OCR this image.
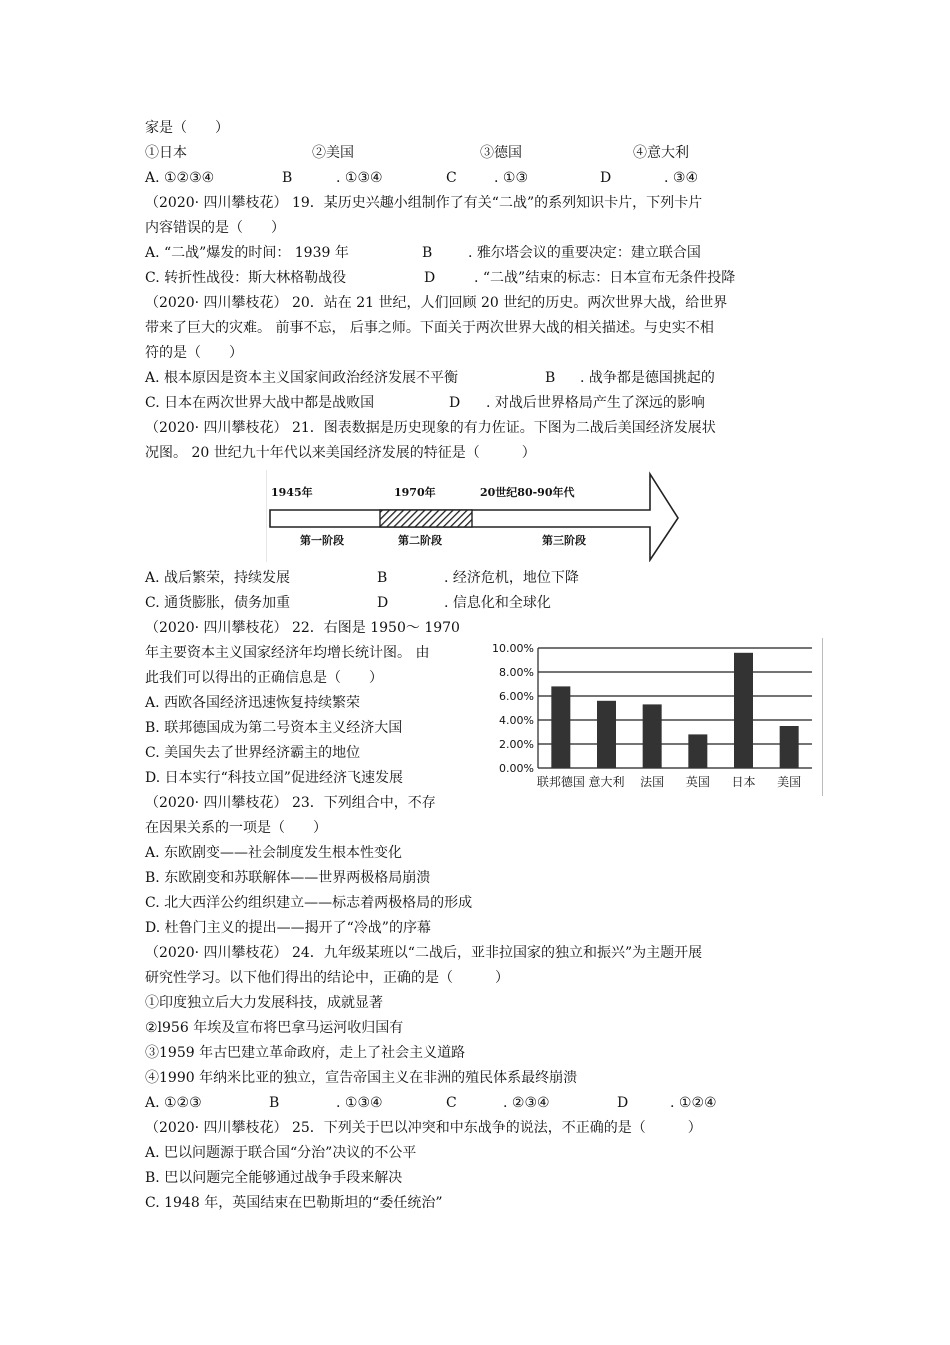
家是（　　）
①日本	②美国	③德国	④意大利
A. ①②③④	B	. ①③④	C	. ①③	D	. ③④
（2020· 四川攀枝花） 19．某历史兴趣小组制作了有关“二战”的系列知识卡片，下列卡片
内容错误的是（　　）
A. “二战”爆发的时间： 1939 年	B	. 雅尔塔会议的重要决定：建立联合国
C. 转折性战役：斯大林格勒战役	D	. “二战”结束的标志：日本宣布无条件投降
（2020· 四川攀枝花） 20．站在 21 世纪，人们回顾 20 世纪的历史。两次世界大战，给世界
带来了巨大的灾难。 前事不忘， 后事之师。下面关于两次世界大战的相关描述。与史实不相
符的是（　　）
A. 根本原因是资本主义国家间政治经济发展不平衡	B . 战争都是德国挑起的
C. 日本在两次世界大战中都是战败国	D . 对战后世界格局产生了深远的影响
（2020· 四川攀枝花） 21．图表数据是历史现象的有力佐证。下图为二战后美国经济发展状
况图。 20 世纪九十年代以来美国经济发展的特征是（　　　）
1945年	1970年	20世纪80-90年代
第一阶段	第二阶段	第三阶段
A. 战后繁荣，持续发展	B	. 经济危机，地位下降
C. 通货膨胀，债务加重	D	. 信息化和全球化
（2020· 四川攀枝花） 22．右图是 1950～ 1970
年主要资本主义国家经济年均增长统计图。 由
此我们可以得出的正确信息是（　　）
A. 西欧各国经济迅速恢复持续繁荣
B. 联邦德国成为第二号资本主义经济大国
C. 美国失去了世界经济霸主的地位
D. 日本实行“科技立国”促进经济飞速发展
10.00%
8.00%
6.00%
4.00%
2.00%
0.00%
联邦德国 意大利 法国 英国 日本 美国
（2020· 四川攀枝花） 23．下列组合中，不存
在因果关系的一项是（　　）
A. 东欧剧变——社会制度发生根本性变化
B. 东欧剧变和苏联解体——世界两极格局崩溃
C. 北大西洋公约组织建立——标志着两极格局的形成
D. 杜鲁门主义的提出——揭开了“冷战”的序幕
（2020· 四川攀枝花） 24．九年级某班以“二战后，亚非拉国家的独立和振兴”为主题开展
研究性学习。以下他们得出的结论中，正确的是（　　　）
①印度独立后大力发展科技，成就显著
②l956 年埃及宣布将巴拿马运河收归国有
③1959 年古巴建立革命政府，走上了社会主义道路
④1990 年纳米比亚的独立，宣告帝国主义在非洲的殖民体系最终崩溃
A. ①②③	B	. ①③④	C	. ②③④	D	. ①②④
（2020· 四川攀枝花） 25．下列关于巴以冲突和中东战争的说法，不正确的是（　　　）
A. 巴以问题源于联合国“分治”决议的不公平
B. 巴以问题完全能够通过战争手段来解决
C. 1948 年，英国结束在巴勒斯坦的“委任统治”
